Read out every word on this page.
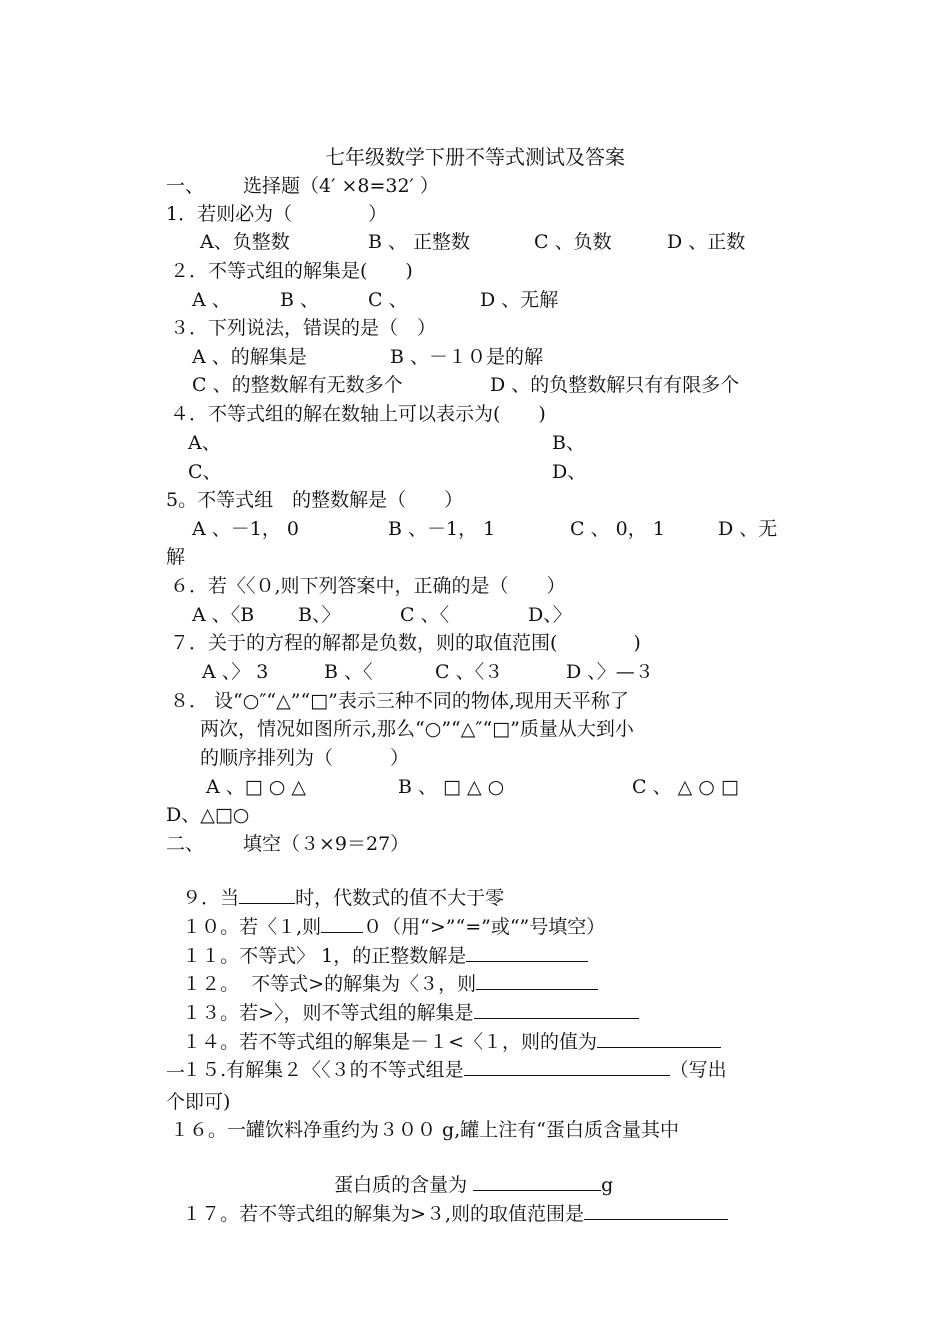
七年级数学下册不等式测试及答案
一、 选择题（4′ ×8=32′ ）
1．若则必为（　　　　）
A、负整数	B 、 正整数	C 、负数	D 、正数
２．不等式组的解集是(　　)
A 、	B 、	C 、	D 、无解
３．下列说法，错误的是（　）
A 、的解集是	B 、－１０是的解
C 、的整数解有无数多个	D 、的负整数解只有有限多个
４．不等式组的解在数轴上可以表示为(　　)
A、	B、
C、	D、
5。不等式组　的整数解是（　　）
A 、－1， 0	B 、－1， 1	C 、 0， 1	D 、无
解
６．若〈〈０,则下列答案中，正确的是（　　）
A 、〈B B、〉	C 、〈	D、〉
７．关于的方程的解都是负数，则的取值范围(　　　　)
A 、〉 3	B 、〈	C 、〈３	D 、〉—３
８． 设“○″“△”“□”表示三种不同的物体,现用天平称了
两次，情况如图所示,那么“○”“△″“□”质量从大到小
的顺序排列为（　　　）
A 、□ ○ △	B 、 □ △ ○	C 、 △ ○ □
D、△□○
二、 填空（３×9＝27）

９．当	时，代数式的值不大于零

１０。若〈１,则 ０（用“>”“=”或“”号填空）

１１。不等式〉 1，的正整数解是

１２。  不等式>的解集为〈３，则

１３。若>〉，则不等式组的解集是

１４。若不等式组的解集是－１<〈１，则的值为

１５.有解集２〈〈３的不等式组是	（写出

一
个即可)
１６。一罐饮料净重约为３００ g,罐上注有“蛋白质含量其中

蛋白质的含量为	g

１７。若不等式组的解集为>３,则的取值范围是
